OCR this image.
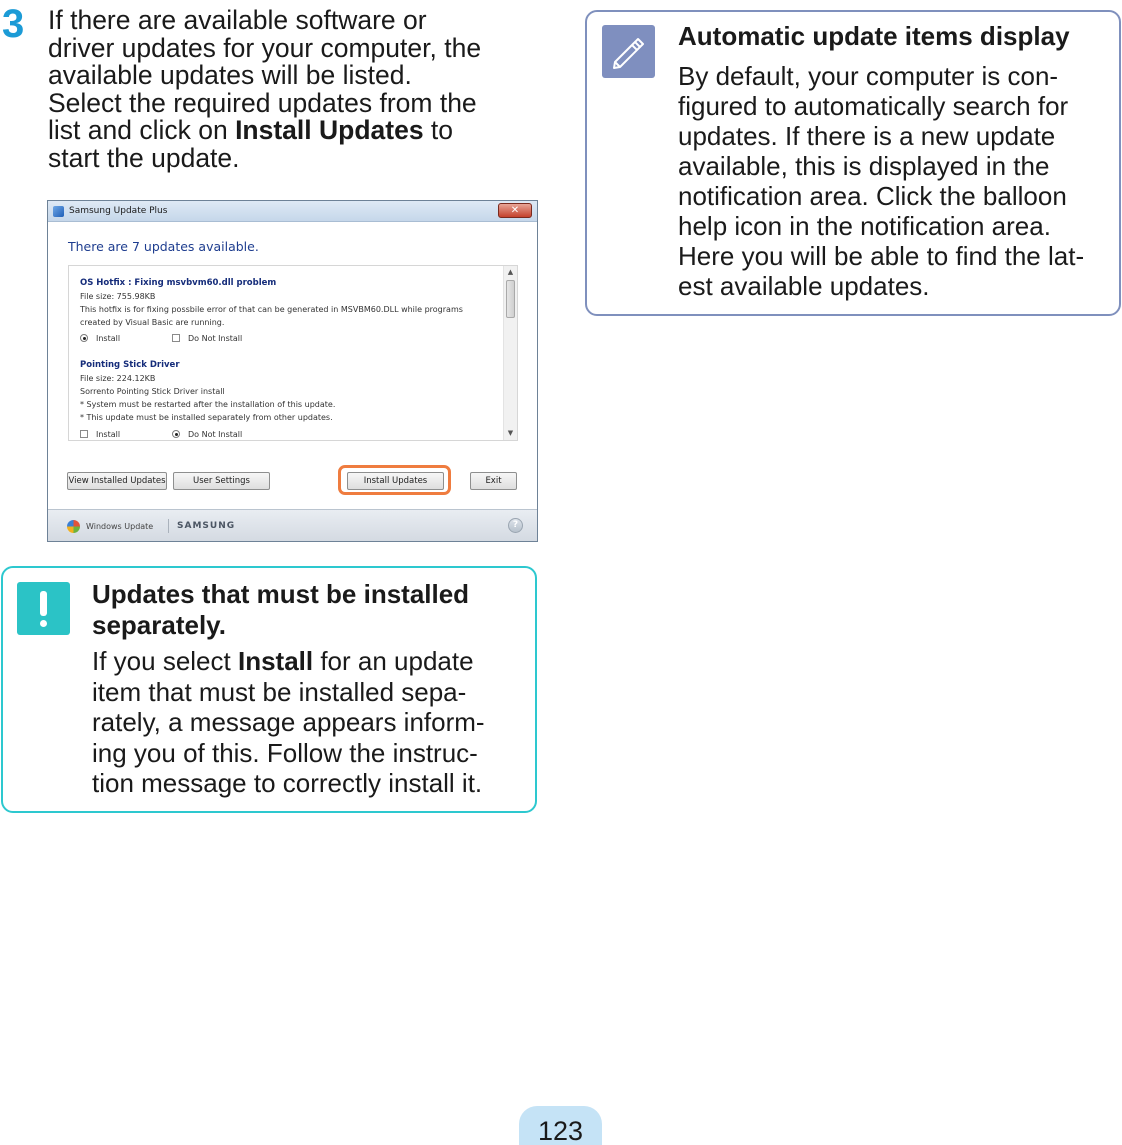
3 If there are available software or
driver updates for your computer, the
available updates will be listed.
Select the required updates from the
list and click on Install Updates to
start the update.
Samsung Update Plus	✕
There are 7 updates available.
OS Hotfix : Fixing msvbvm60.dll problem
File size: 755.98KB
This hotfix is for fixing possbile error of that can be generated in MSVBM60.DLL while programs
created by Visual Basic are running.
Install	Do Not Install
Pointing Stick Driver
File size: 224.12KB
Sorrento Pointing Stick Driver install
* System must be restarted after the installation of this update.
* This update must be installed separately from other updates.
Install	Do Not Install
▲
▼
View Installed Updates	User Settings	Install Updates	Exit
Windows Update	SAMSUNG	?
Updates that must be installed
separately.
If you select Install for an update
item that must be installed sepa-
rately, a message appears inform-
ing you of this. Follow the instruc-
tion message to correctly install it.
Automatic update items display
By default, your computer is con-
figured to automatically search for
updates. If there is a new update
available, this is displayed in the
notification area. Click the balloon
help icon in the notification area.
Here you will be able to find the lat-
est available updates.
123
